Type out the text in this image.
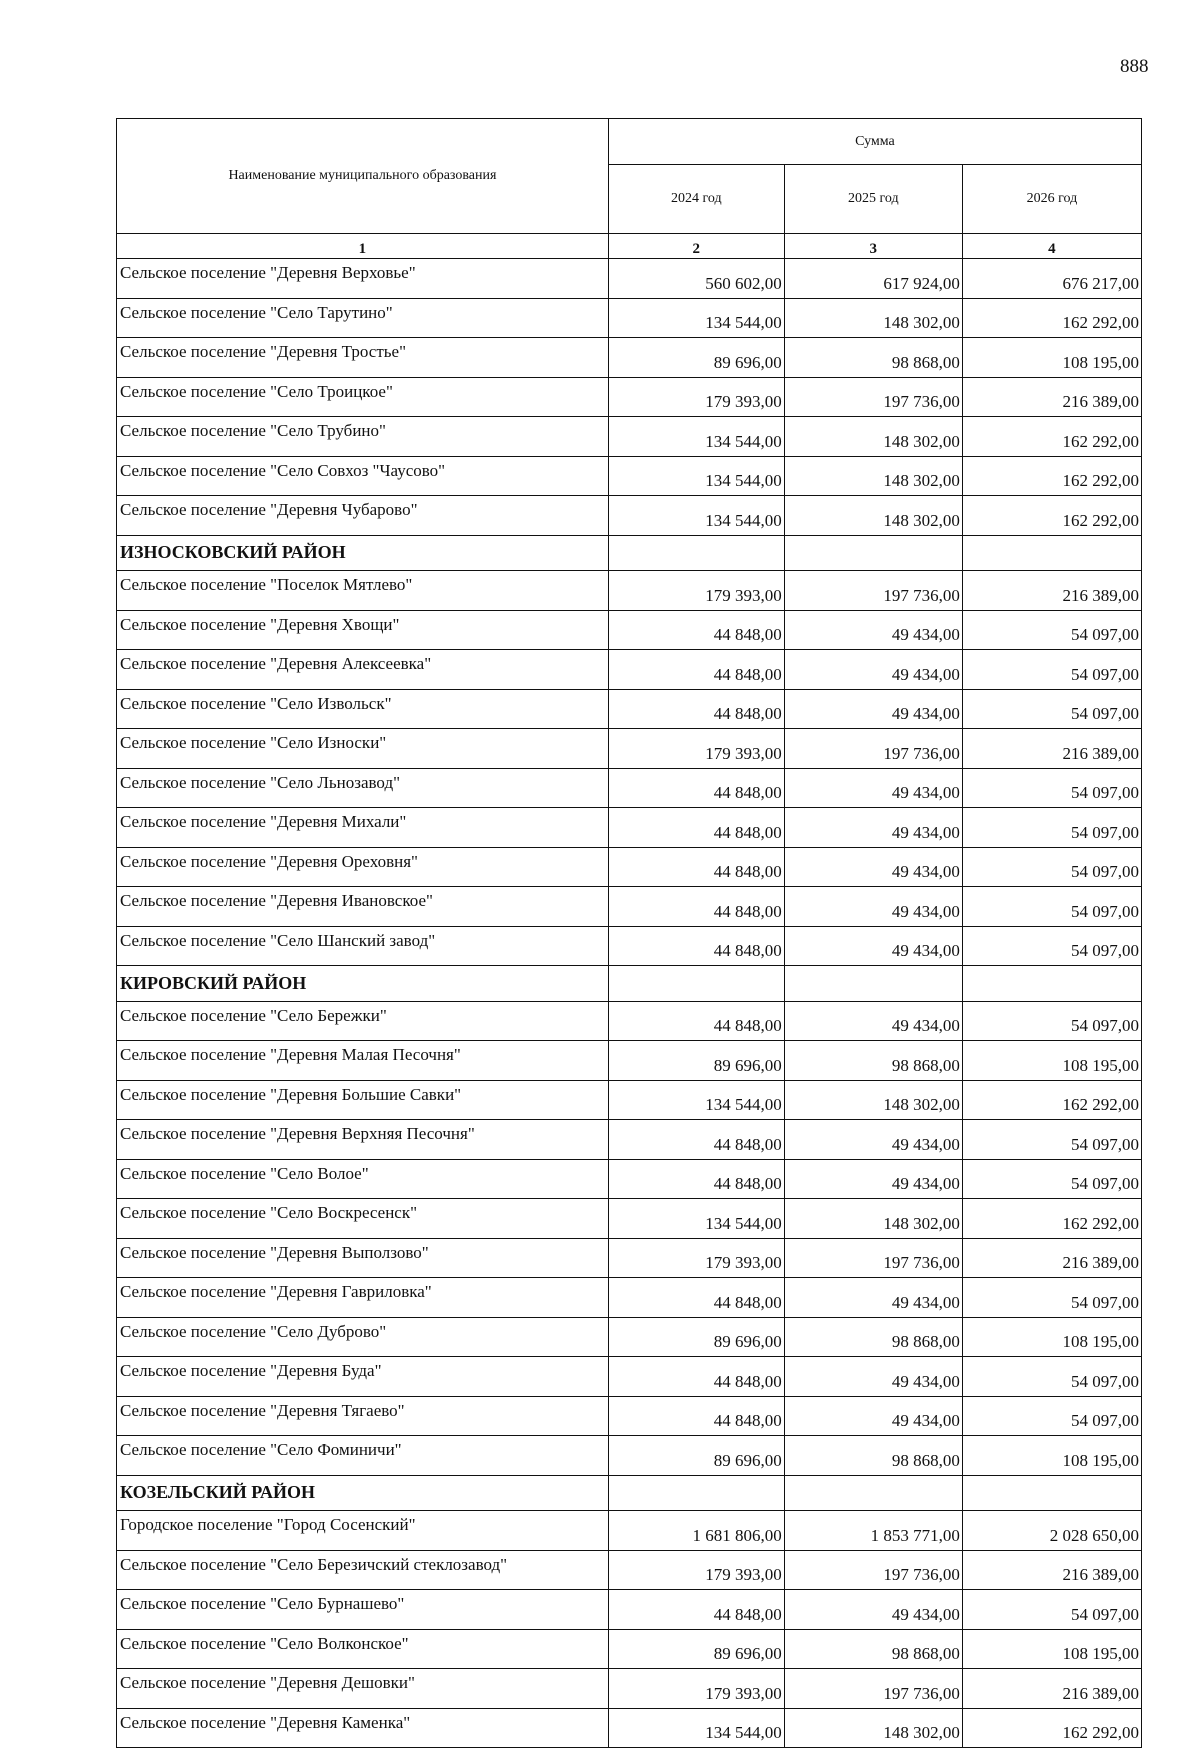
888
Наименование муниципального образования	Сумма		
	2024 год	2025 год	2026 год
1	2	3	4
Сельское поселение "Деревня Верховье"	560 602,00	617 924,00	676 217,00
Сельское поселение "Село Тарутино"	134 544,00	148 302,00	162 292,00
Сельское поселение "Деревня Тростье"	89 696,00	98 868,00	108 195,00
Сельское поселение "Село Троицкое"	179 393,00	197 736,00	216 389,00
Сельское поселение "Село Трубино"	134 544,00	148 302,00	162 292,00
Сельское поселение "Село Совхоз "Чаусово"	134 544,00	148 302,00	162 292,00
Сельское поселение "Деревня Чубарово"	134 544,00	148 302,00	162 292,00
ИЗНОСКОВСКИЙ РАЙОН			
Сельское поселение "Поселок Мятлево"	179 393,00	197 736,00	216 389,00
Сельское поселение "Деревня Хвощи"	44 848,00	49 434,00	54 097,00
Сельское поселение "Деревня Алексеевка"	44 848,00	49 434,00	54 097,00
Сельское поселение "Село Извольск"	44 848,00	49 434,00	54 097,00
Сельское поселение "Село Износки"	179 393,00	197 736,00	216 389,00
Сельское поселение "Село Льнозавод"	44 848,00	49 434,00	54 097,00
Сельское поселение "Деревня Михали"	44 848,00	49 434,00	54 097,00
Сельское поселение "Деревня Ореховня"	44 848,00	49 434,00	54 097,00
Сельское поселение "Деревня Ивановское"	44 848,00	49 434,00	54 097,00
Сельское поселение "Село Шанский завод"	44 848,00	49 434,00	54 097,00
КИРОВСКИЙ РАЙОН			
Сельское поселение "Село Бережки"	44 848,00	49 434,00	54 097,00
Сельское поселение "Деревня Малая Песочня"	89 696,00	98 868,00	108 195,00
Сельское поселение "Деревня Большие Савки"	134 544,00	148 302,00	162 292,00
Сельское поселение "Деревня Верхняя Песочня"	44 848,00	49 434,00	54 097,00
Сельское поселение "Село Волое"	44 848,00	49 434,00	54 097,00
Сельское поселение "Село Воскресенск"	134 544,00	148 302,00	162 292,00
Сельское поселение "Деревня Выползово"	179 393,00	197 736,00	216 389,00
Сельское поселение "Деревня Гавриловка"	44 848,00	49 434,00	54 097,00
Сельское поселение "Село Дуброво"	89 696,00	98 868,00	108 195,00
Сельское поселение "Деревня Буда"	44 848,00	49 434,00	54 097,00
Сельское поселение "Деревня Тягаево"	44 848,00	49 434,00	54 097,00
Сельское поселение "Село Фоминичи"	89 696,00	98 868,00	108 195,00
КОЗЕЛЬСКИЙ РАЙОН			
Городское поселение "Город Сосенский"	1 681 806,00	1 853 771,00	2 028 650,00
Сельское поселение "Село Березичский стеклозавод"	179 393,00	197 736,00	216 389,00
Сельское поселение "Село Бурнашево"	44 848,00	49 434,00	54 097,00
Сельское поселение "Село Волконское"	89 696,00	98 868,00	108 195,00
Сельское поселение "Деревня Дешовки"	179 393,00	197 736,00	216 389,00
Сельское поселение "Деревня Каменка"	134 544,00	148 302,00	162 292,00
